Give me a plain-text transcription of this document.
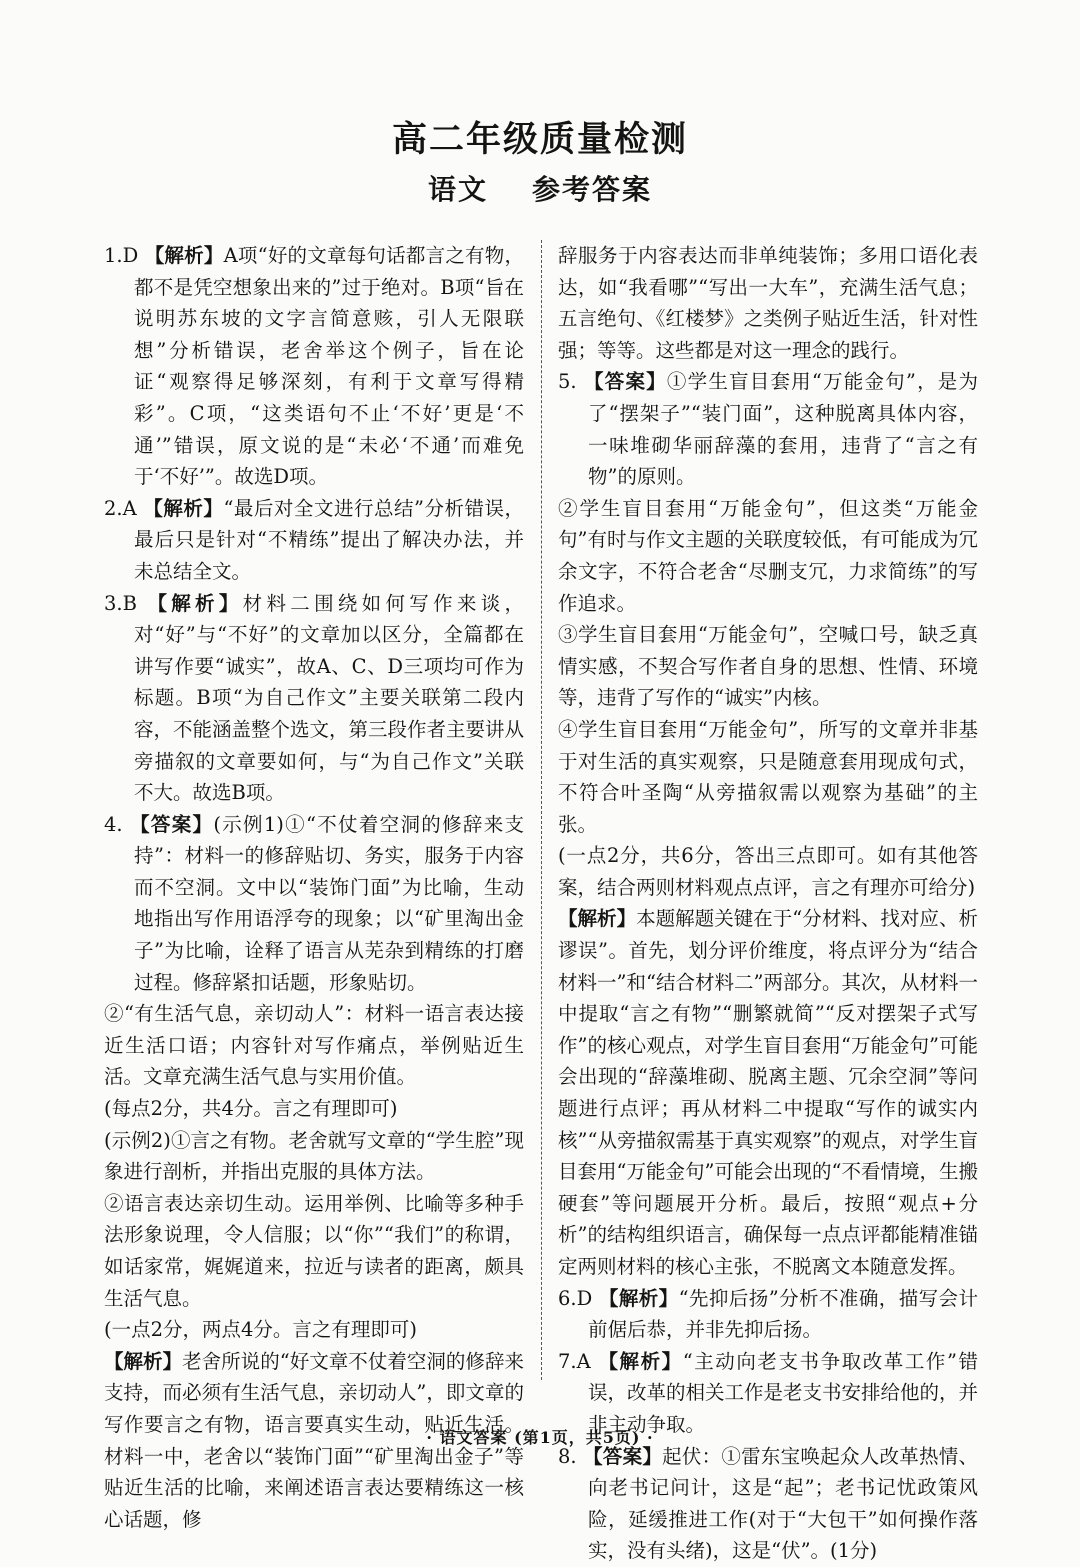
高二年级质量检测
语文 参考答案

1.D 【解析】A项“好的文章每句话都言之有物，都不是凭空想象出来的”过于绝对。B项“旨在说明苏东坡的文字言简意赅，引人无限联想”分析错误，老舍举这个例子，旨在论证“观察得足够深刻，有利于文章写得精彩”。C项，“这类语句不止‘不好’更是‘不通’”错误，原文说的是“未必‘不通’而难免于‘不好’”。故选D项。

2.A 【解析】“最后对全文进行总结”分析错误，最后只是针对“不精练”提出了解决办法，并未总结全文。

3.B 【解析】材料二围绕如何写作来谈，对“好”与“不好”的文章加以区分，全篇都在讲写作要“诚实”，故A、C、D三项均可作为标题。B项“为自己作文”主要关联第二段内容，不能涵盖整个选文，第三段作者主要讲从旁描叙的文章要如何，与“为自己作文”关联不大。故选B项。

4. 【答案】(示例1)①“不仗着空洞的修辞来支持”：材料一的修辞贴切、务实，服务于内容而不空洞。文中以“装饰门面”为比喻，生动地指出写作用语浮夸的现象；以“矿里淘出金子”为比喻，诠释了语言从芜杂到精练的打磨过程。修辞紧扣话题，形象贴切。

②“有生活气息，亲切动人”：材料一语言表达接近生活口语；内容针对写作痛点，举例贴近生活。文章充满生活气息与实用价值。

(每点2分，共4分。言之有理即可)

(示例2)①言之有物。老舍就写文章的“学生腔”现象进行剖析，并指出克服的具体方法。

②语言表达亲切生动。运用举例、比喻等多种手法形象说理，令人信服；以“你”“我们”的称谓，如话家常，娓娓道来，拉近与读者的距离，颇具生活气息。

(一点2分，两点4分。言之有理即可)

【解析】老舍所说的“好文章不仗着空洞的修辞来支持，而必须有生活气息，亲切动人”，即文章的写作要言之有物，语言要真实生动，贴近生活。材料一中，老舍以“装饰门面”“矿里淘出金子”等贴近生活的比喻，来阐述语言表达要精练这一核心话题，修

辞服务于内容表达而非单纯装饰；多用口语化表达，如“我看哪”“写出一大车”，充满生活气息；五言绝句、《红楼梦》之类例子贴近生活，针对性强；等等。这些都是对这一理念的践行。

5. 【答案】①学生盲目套用“万能金句”，是为了“摆架子”“装门面”，这种脱离具体内容，一味堆砌华丽辞藻的套用，违背了“言之有物”的原则。

②学生盲目套用“万能金句”，但这类“万能金句”有时与作文主题的关联度较低，有可能成为冗余文字，不符合老舍“尽删支冗，力求简练”的写作追求。

③学生盲目套用“万能金句”，空喊口号，缺乏真情实感，不契合写作者自身的思想、性情、环境等，违背了写作的“诚实”内核。

④学生盲目套用“万能金句”，所写的文章并非基于对生活的真实观察，只是随意套用现成句式，不符合叶圣陶“从旁描叙需以观察为基础”的主张。

(一点2分，共6分，答出三点即可。如有其他答案，结合两则材料观点点评，言之有理亦可给分)

【解析】本题解题关键在于“分材料、找对应、析谬误”。首先，划分评价维度，将点评分为“结合材料一”和“结合材料二”两部分。其次，从材料一中提取“言之有物”“删繁就简”“反对摆架子式写作”的核心观点，对学生盲目套用“万能金句”可能会出现的“辞藻堆砌、脱离主题、冗余空洞”等问题进行点评；再从材料二中提取“写作的诚实内核”“从旁描叙需基于真实观察”的观点，对学生盲目套用“万能金句”可能会出现的“不看情境，生搬硬套”等问题展开分析。最后，按照“观点+分析”的结构组织语言，确保每一点点评都能精准锚定两则材料的核心主张，不脱离文本随意发挥。

6.D 【解析】“先抑后扬”分析不准确，描写会计前倨后恭，并非先抑后扬。

7.A 【解析】“主动向老支书争取改革工作”错误，改革的相关工作是老支书安排给他的，并非主动争取。

8. 【答案】起伏：①雷东宝唤起众人改革热情、向老书记问计，这是“起”；老书记忧政策风险，延缓推进工作(对于“大包干”如何操作落实，没有头绪)，这是“伏”。(1分)

· 语文答案 (第1页，共5页) ·
